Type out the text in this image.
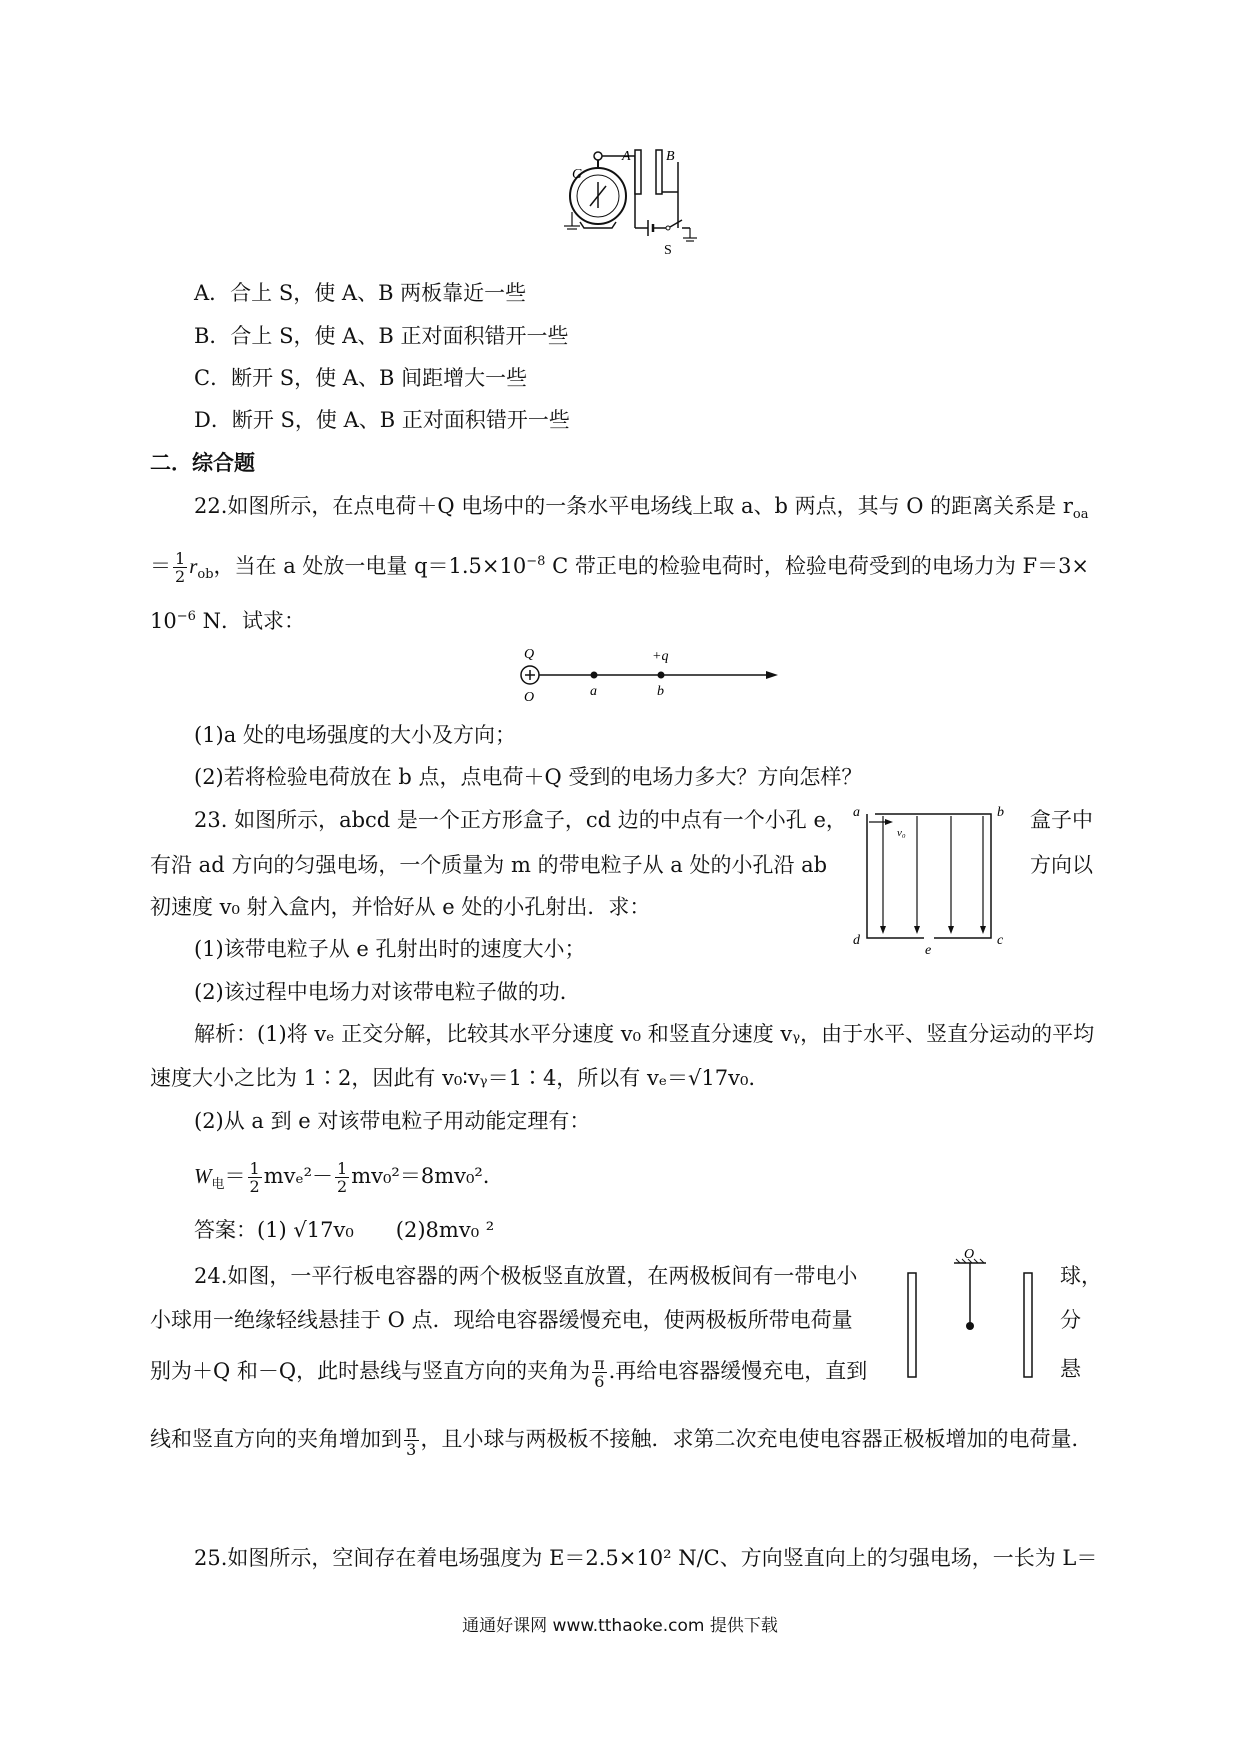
A	B
G
S
A．合上 S，使 A、B 两板靠近一些
B．合上 S，使 A、B 正对面积错开一些
C．断开 S，使 A、B 间距增大一些
D．断开 S，使 A、B 正对面积错开一些
二．综合题
22.如图所示，在点电荷＋Q 电场中的一条水平电场线上取 a、b 两点，其与 O 的距离关系是 $r_{oa}$
＝ $\frac{1}{2} r_{ob}$，当在 a 处放一电量 $q=1.5\times 10^{-8}$ C 带正电的检验电荷时，检验电荷受到的电场力为 F＝3×
$10^{-6}$ N．试求：
Q
O
+q
a	b
(1)a 处的电场强度的大小及方向；
(2)若将检验电荷放在 b 点，点电荷＋Q 受到的电场力多大？方向怎样？
23. 如图所示，abcd 是一个正方形盒子，cd 边的中点有一个小孔 e，	盒子中
有沿 ad 方向的匀强电场，一个质量为 m 的带电粒子从 a 处的小孔沿 ab	方向以
初速度 v₀ 射入盒内，并恰好从 e 处的小孔射出．求：
(1)该带电粒子从 e 孔射出时的速度大小；
(2)该过程中电场力对该带电粒子做的功．
a	b
c
d
e
v₀
解析：(1)将 vₑ 正交分解，比较其水平分速度 v₀ 和竖直分速度 vᵧ，由于水平、竖直分运动的平均
速度大小之比为 1∶2，因此有 v₀∶vᵧ＝1∶4，所以有 vₑ＝√17v₀.
(2)从 a 到 e 对该带电粒子用动能定理有：
$W_电= \frac{1}{2} mv_e^2- \frac{1}{2} mv_0^2=8mv_0^2$.
答案：(1) √17v₀　　(2)8mv₀ ²
24.如图，一平行板电容器的两个极板竖直放置，在两极板间有一带电小	球，
小球用一绝缘轻线悬挂于 O 点．现给电容器缓慢充电，使两极板所带电荷量	分
别为＋Q 和－Q，此时悬线与竖直方向的夹角为 $\frac{\pi}{6}$ .再给电容器缓慢充电，直到	悬
线和竖直方向的夹角增加到 $\frac{\pi}{3}$ ，且小球与两极板不接触．求第二次充电使电容器正极板增加的电荷量．
O
25.如图所示，空间存在着电场强度为 E＝2.5×10² N/C、方向竖直向上的匀强电场，一长为 L＝
通通好课网 www.tthaoke.com 提供下载
